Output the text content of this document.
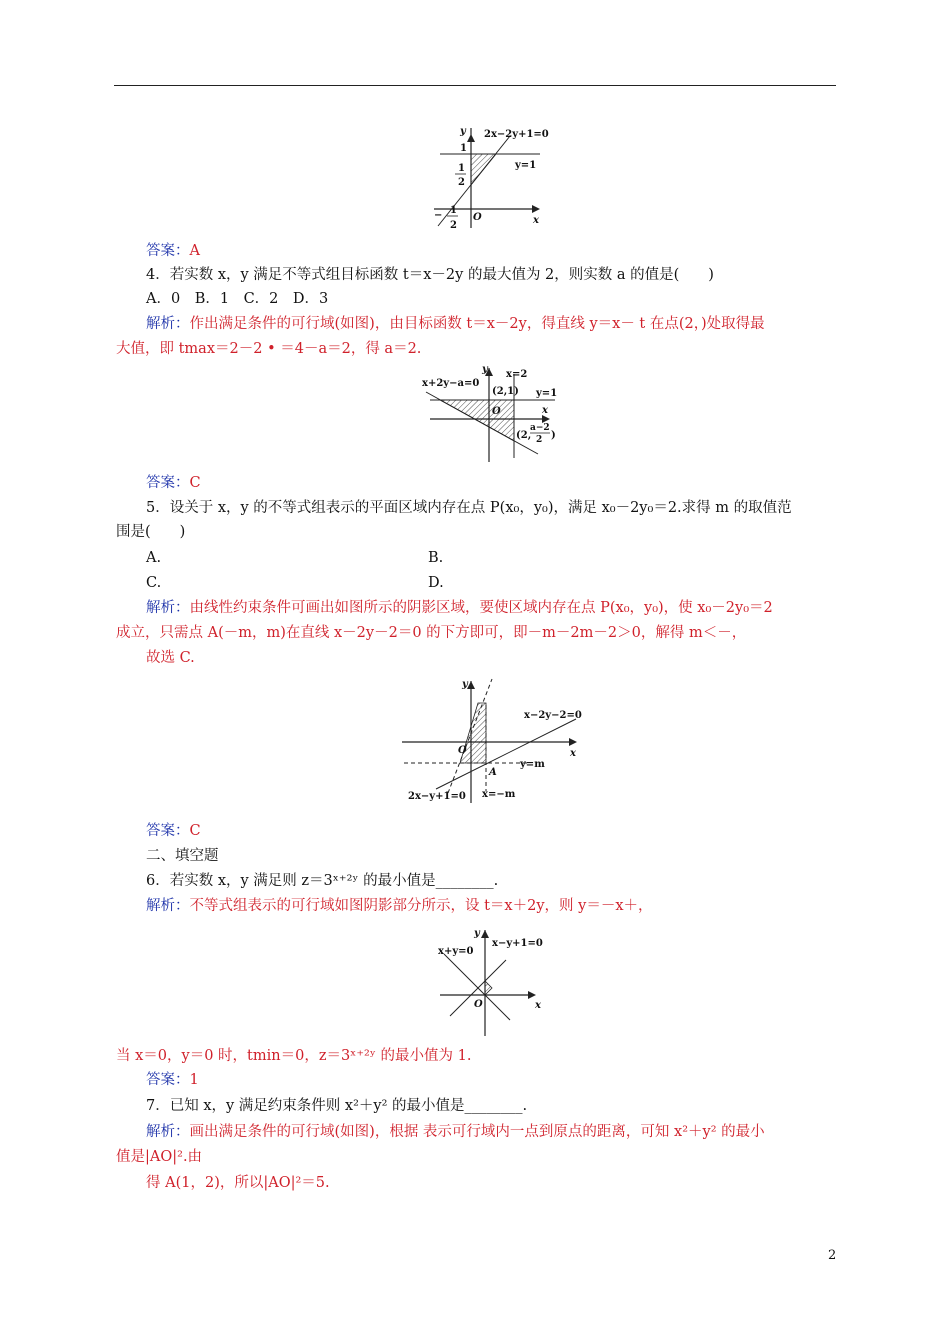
y
x
2x−2y+1=0
y=1
1
1
2
O
− 1
2
答案：A
4．若实数 x，y 满足不等式组目标函数 t＝x－2y 的最大值为 2，则实数 a 的值是(　　)
A．0　B．1　C．2　D．3
解析：作出满足条件的可行域(如图)，由目标函数 t＝x－2y，得直线 y＝x－ t 在点(2，)处取得最
大值，即 tmax＝2－2 • ＝4－a＝2，得 a＝2.
y
x
x+2y−a=0
x=2
y=1
(2,1)
O
(2,
a−2
2 )
答案：C
5．设关于 x，y 的不等式组表示的平面区域内存在点 P(x₀，y₀)，满足 x₀－2y₀＝2.求得 m 的取值范
围是(　　)
A.	B.
C.	D.
解析：由线性约束条件可画出如图所示的阴影区域，要使区域内存在点 P(x₀，y₀)，使 x₀－2y₀＝2
成立，只需点 A(－m，m)在直线 x－2y－2＝0 的下方即可，即－m－2m－2＞0，解得 m＜－，
故选 C.
y
x
x−2y−2=0
y=m
2x−y+1=0 x=−m
A
O
答案：C
二、填空题
6．若实数 x，y 满足则 z＝3ˣ⁺²ʸ 的最小值是________.
解析：不等式组表示的可行域如图阴影部分所示，设 t＝x＋2y，则 y＝－x＋，
y
x
x+y=0
x−y+1=0
O
当 x＝0，y＝0 时，tmin＝0，z＝3ˣ⁺²ʸ 的最小值为 1.
答案：1
7．已知 x，y 满足约束条件则 x²＋y² 的最小值是________.
解析：画出满足条件的可行域(如图)，根据 表示可行域内一点到原点的距离，可知 x²＋y² 的最小
值是|AO|².由
得 A(1，2)，所以|AO|²＝5.
2
